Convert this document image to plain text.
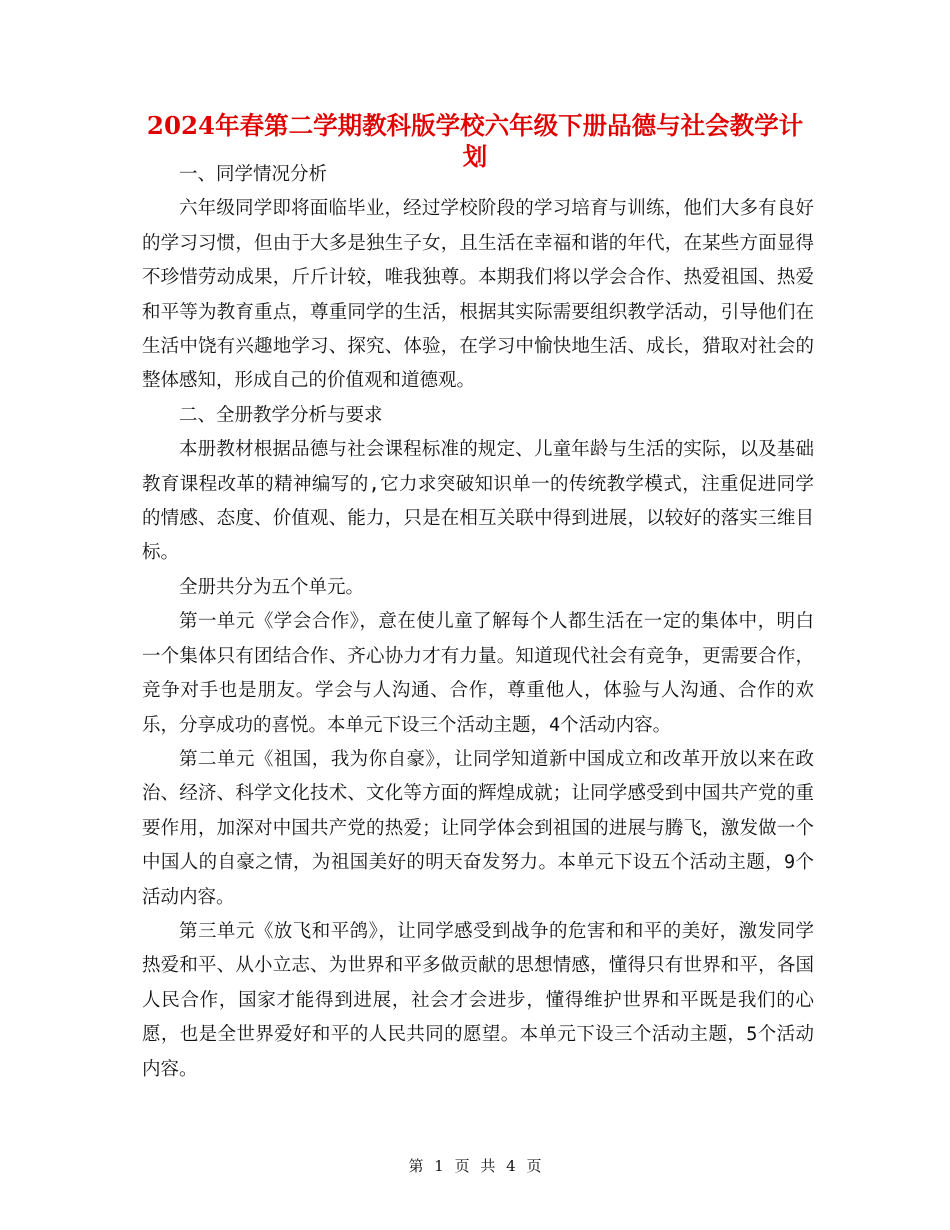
2024年春第二学期教科版学校六年级下册品德与社会教学计划

一、同学情况分析

六年级同学即将面临毕业，经过学校阶段的学习培育与训练，他们大多有良好的学习习惯，但由于大多是独生子女，且生活在幸福和谐的年代，在某些方面显得不珍惜劳动成果，斤斤计较，唯我独尊。本期我们将以学会合作、热爱祖国、热爱和平等为教育重点，尊重同学的生活，根据其实际需要组织教学活动，引导他们在生活中饶有兴趣地学习、探究、体验，在学习中愉快地生活、成长，猎取对社会的整体感知，形成自己的价值观和道德观。

二、全册教学分析与要求

本册教材根据品德与社会课程标准的规定、儿童年龄与生活的实际，以及基础教育课程改革的精神编写的,它力求突破知识单一的传统教学模式，注重促进同学的情感、态度、价值观、能力，只是在相互关联中得到进展，以较好的落实三维目标。

全册共分为五个单元。

第一单元《学会合作》，意在使儿童了解每个人都生活在一定的集体中，明白一个集体只有团结合作、齐心协力才有力量。知道现代社会有竞争，更需要合作，竞争对手也是朋友。学会与人沟通、合作，尊重他人，体验与人沟通、合作的欢乐，分享成功的喜悦。本单元下设三个活动主题，4个活动内容。

第二单元《祖国，我为你自豪》，让同学知道新中国成立和改革开放以来在政治、经济、科学文化技术、文化等方面的辉煌成就；让同学感受到中国共产党的重要作用，加深对中国共产党的热爱；让同学体会到祖国的进展与腾飞，激发做一个中国人的自豪之情，为祖国美好的明天奋发努力。本单元下设五个活动主题，9个活动内容。

第三单元《放飞和平鸽》，让同学感受到战争的危害和和平的美好，激发同学热爱和平、从小立志、为世界和平多做贡献的思想情感，懂得只有世界和平，各国人民合作，国家才能得到进展，社会才会进步，懂得维护世界和平既是我们的心愿，也是全世界爱好和平的人民共同的愿望。本单元下设三个活动主题，5个活动内容。

第 1 页 共 4 页
